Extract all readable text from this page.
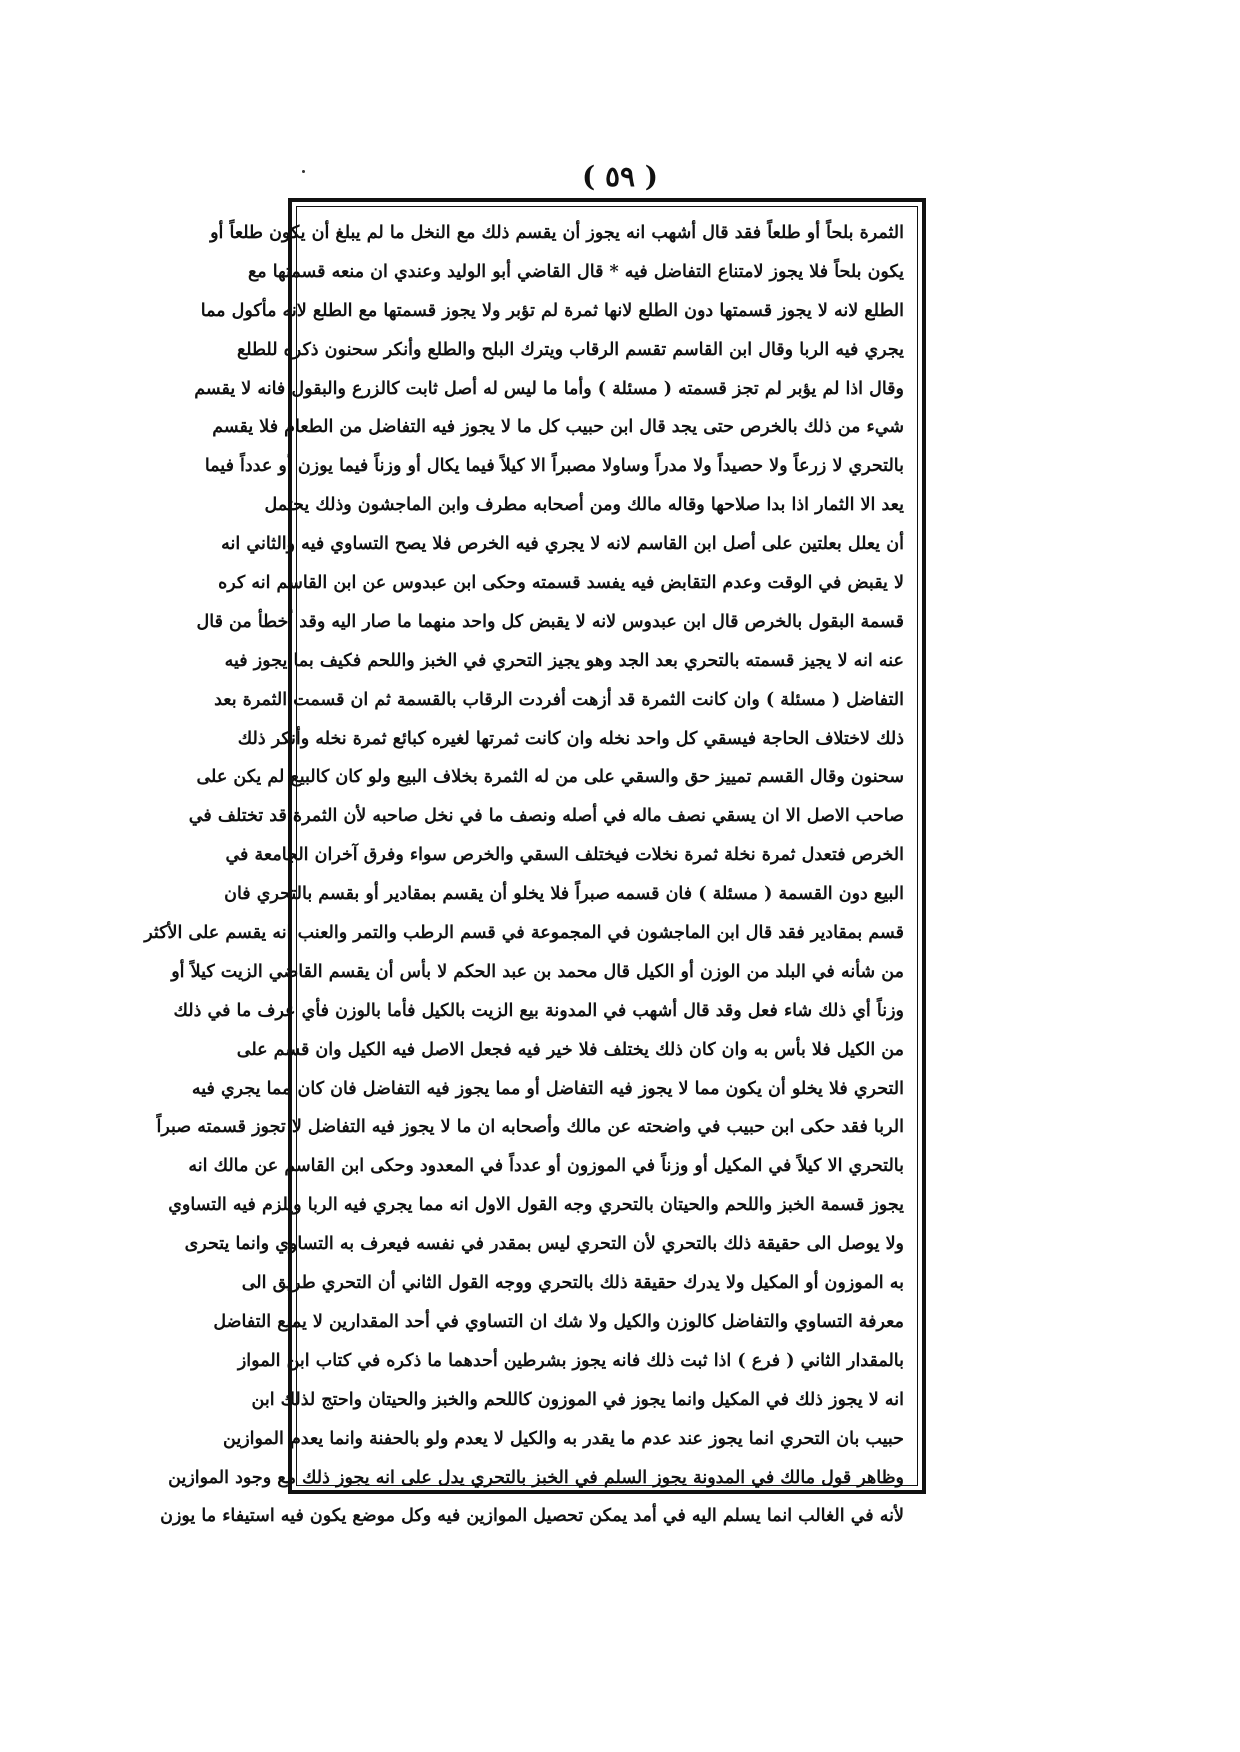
( ٥٩ )
الثمرة بلحاً أو طلعاً فقد قال أشهب انه يجوز أن يقسم ذلك مع النخل ما لم يبلغ أن يكون طلعاً أو
يكون بلحاً فلا يجوز لامتناع التفاضل فيه * قال القاضي أبو الوليد وعندي ان منعه قسمتها مع
الطلع لانه لا يجوز قسمتها دون الطلع لانها ثمرة لم تؤبر ولا يجوز قسمتها مع الطلع لانه مأكول مما
يجري فيه الربا وقال ابن القاسم تقسم الرقاب ويترك البلح والطلع وأنكر سحنون ذكره للطلع
وقال اذا لم يؤبر لم تجز قسمته ( مسئلة ) وأما ما ليس له أصل ثابت كالزرع والبقول فانه لا يقسم
شيء من ذلك بالخرص حتى يجد قال ابن حبيب كل ما لا يجوز فيه التفاضل من الطعام فلا يقسم
بالتحري لا زرعاً ولا حصيداً ولا مدراً وساولا مصبراً الا كيلاً فيما يكال أو وزناً فيما يوزن أو عدداً فيما
يعد الا الثمار اذا بدا صلاحها وقاله مالك ومن أصحابه مطرف وابن الماجشون وذلك يحتمل
أن يعلل بعلتين على أصل ابن القاسم لانه لا يجري فيه الخرص فلا يصح التساوي فيه والثاني انه
لا يقبض في الوقت وعدم التقابض فيه يفسد قسمته وحكى ابن عبدوس عن ابن القاسم انه كره
قسمة البقول بالخرص قال ابن عبدوس لانه لا يقبض كل واحد منهما ما صار اليه وقد أخطأ من قال
عنه انه لا يجيز قسمته بالتحري بعد الجد وهو يجيز التحري في الخبز واللحم فكيف بما يجوز فيه
التفاضل ( مسئلة ) وان كانت الثمرة قد أزهت أفردت الرقاب بالقسمة ثم ان قسمت الثمرة بعد
ذلك لاختلاف الحاجة فيسقي كل واحد نخله وان كانت ثمرتها لغيره كبائع ثمرة نخله وأنكر ذلك
سحنون وقال القسم تمييز حق والسقي على من له الثمرة بخلاف البيع ولو كان كالبيع لم يكن على
صاحب الاصل الا ان يسقي نصف ماله في أصله ونصف ما في نخل صاحبه لأن الثمرة قد تختلف في
الخرص فتعدل ثمرة نخلة ثمرة نخلات فيختلف السقي والخرص سواء وفرق آخران الجامعة في
البيع دون القسمة ( مسئلة ) فان قسمه صبراً فلا يخلو أن يقسم بمقادير أو بقسم بالتحري فان
قسم بمقادير فقد قال ابن الماجشون في المجموعة في قسم الرطب والتمر والعنب انه يقسم على الأكثر
من شأنه في البلد من الوزن أو الكيل قال محمد بن عبد الحكم لا بأس أن يقسم القاضي الزيت كيلاً أو
وزناً أي ذلك شاء فعل وقد قال أشهب في المدونة بيع الزيت بالكيل فأما بالوزن فأي عرف ما في ذلك
من الكيل فلا بأس به وان كان ذلك يختلف فلا خير فيه فجعل الاصل فيه الكيل وان قسم على
التحري فلا يخلو أن يكون مما لا يجوز فيه التفاضل أو مما يجوز فيه التفاضل فان كان مما يجري فيه
الربا فقد حكى ابن حبيب في واضحته عن مالك وأصحابه ان ما لا يجوز فيه التفاضل لا تجوز قسمته صبراً
بالتحري الا كيلاً في المكيل أو وزناً في الموزون أو عدداً في المعدود وحكى ابن القاسم عن مالك انه
يجوز قسمة الخبز واللحم والحيتان بالتحري وجه القول الاول انه مما يجري فيه الربا ويلزم فيه التساوي
ولا يوصل الى حقيقة ذلك بالتحري لأن التحري ليس بمقدر في نفسه فيعرف به التساوي وانما يتحرى
به الموزون أو المكيل ولا يدرك حقيقة ذلك بالتحري ووجه القول الثاني أن التحري طريق الى
معرفة التساوي والتفاضل كالوزن والكيل ولا شك ان التساوي في أحد المقدارين لا يمنع التفاضل
بالمقدار الثاني ( فرع ) اذا ثبت ذلك فانه يجوز بشرطين أحدهما ما ذكره في كتاب ابن المواز
انه لا يجوز ذلك في المكيل وانما يجوز في الموزون كاللحم والخبز والحيتان واحتج لذلك ابن
حبيب بان التحري انما يجوز عند عدم ما يقدر به والكيل لا يعدم ولو بالحفنة وانما يعدم الموازين
وظاهر قول مالك في المدونة يجوز السلم في الخبز بالتحري يدل على انه يجوز ذلك مع وجود الموازين
لأنه في الغالب انما يسلم اليه في أمد يمكن تحصيل الموازين فيه وكل موضع يكون فيه استيفاء ما يوزن
